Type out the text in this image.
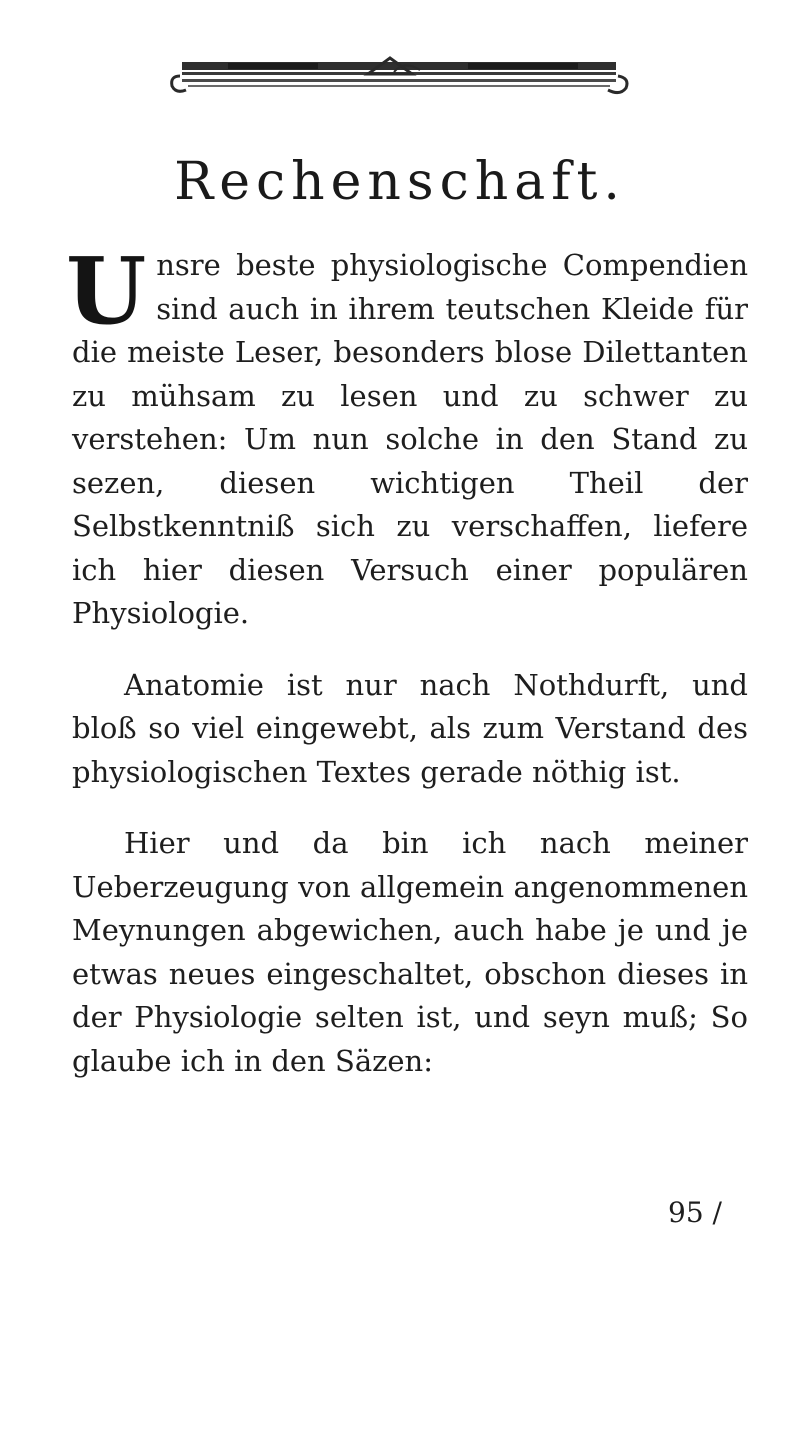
Rechenschaft.

Unsre beste physiologische Compendien sind auch in ihrem teutschen Kleide für die meiste Leser, besonders blose Dilettanten zu mühsam zu lesen und zu schwer zu verstehen: Um nun solche in den Stand zu sezen, diesen wichtigen Theil der Selbstkenntniß sich zu verschaffen, liefere ich hier diesen Versuch einer populären Physiologie.

Anatomie ist nur nach Nothdurft, und bloß so viel eingewebt, als zum Verstand des physiologischen Textes gerade nöthig ist.

Hier und da bin ich nach meiner Ueberzeugung von allgemein angenommenen Meynungen abgewichen, auch habe je und je etwas neues eingeschaltet, obschon dieses in der Physiologie selten ist, und seyn muß; So glaube ich in den Säzen:

95 /
